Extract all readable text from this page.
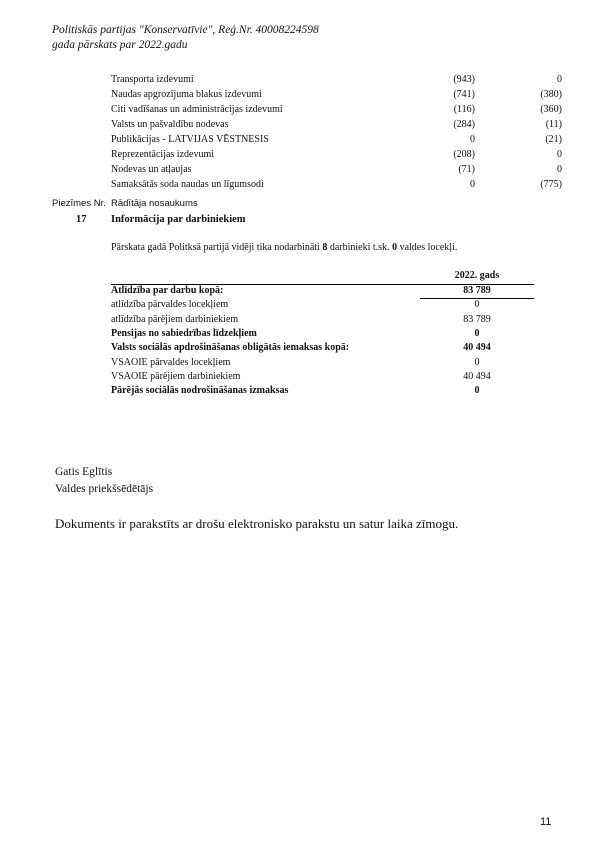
Politiskās partijas "Konservatīvie", Reģ.Nr. 40008224598
gada pārskats par 2022.gadu
Transporta izdevumi	(943)	0
Naudas apgrozījuma blakus izdevumi	(741)	(380)
Citi vadīšanas un administrācijas izdevumi	(116)	(360)
Valsts un pašvaldību nodevas	(284)	(11)
Publikācijas - LATVIJAS VĒSTNESIS	0	(21)
Reprezentācijas izdevumi	(208)	0
Nodevas un atļaujas	(71)	0
Samaksātās soda naudas un līgumsodi	0	(775)
Piezīmes Nr. Rādītāja nosaukums
17 Informācija par darbiniekiem
Pārskata gadā Politksā partijā vidēji tika nodarbināti 8 darbinieki t.sk. 0 valdes locekļi.
2022. gads
Atlīdzība par darbu kopā:	83 789
atlīdzība pārvaldes locekļiem	0
atlīdzība pārējiem darbiniekiem	83 789
Pensijas no sabiedrības līdzekļiem	0
Valsts sociālās apdrošināšanas obligātās iemaksas kopā:	40 494
VSAOIE pārvaldes locekļiem	0
VSAOIE pārējiem darbiniekiem	40 494
Pārējās sociālās nodrošināšanas izmaksas	0
Gatis Eglītis
Valdes priekšsēdētājs
Dokuments ir parakstīts ar drošu elektronisko parakstu un satur laika zīmogu.
11
